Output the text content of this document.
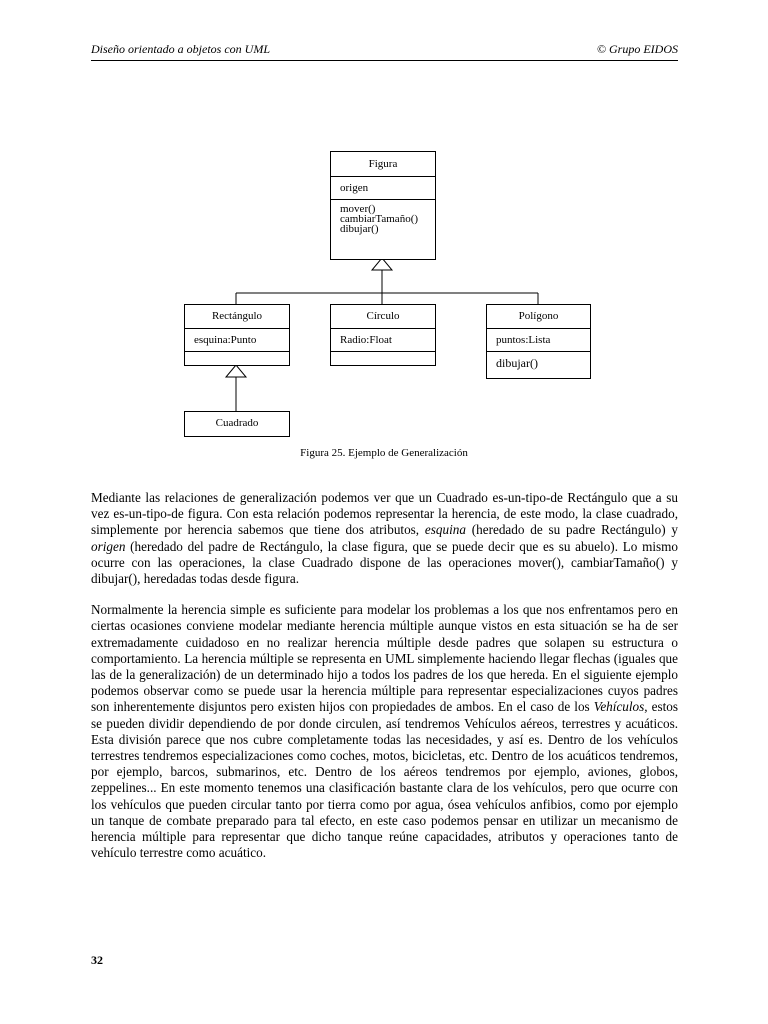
Diseño orientado a objetos con UML	© Grupo EIDOS
Figura
origen
mover()
cambiarTamaño()
dibujar()
Rectángulo
esquina:Punto
Círculo
Radio:Float
Polígono
puntos:Lista
dibujar()
Cuadrado
Figura 25. Ejemplo de Generalización

Mediante las relaciones de generalización podemos ver que un Cuadrado es-un-tipo-de Rectángulo que a su vez es-un-tipo-de figura. Con esta relación podemos representar la herencia, de este modo, la clase cuadrado, simplemente por herencia sabemos que tiene dos atributos, esquina (heredado de su padre Rectángulo) y origen (heredado del padre de Rectángulo, la clase figura, que se puede decir que es su abuelo). Lo mismo ocurre con las operaciones, la clase Cuadrado dispone de las operaciones mover(), cambiarTamaño() y dibujar(), heredadas todas desde figura.

Normalmente la herencia simple es suficiente para modelar los problemas a los que nos enfrentamos pero en ciertas ocasiones conviene modelar mediante herencia múltiple aunque vistos en esta situación se ha de ser extremadamente cuidadoso en no realizar herencia múltiple desde padres que solapen su estructura o comportamiento. La herencia múltiple se representa en UML simplemente haciendo llegar flechas (iguales que las de la generalización) de un determinado hijo a todos los padres de los que hereda. En el siguiente ejemplo podemos observar como se puede usar la herencia múltiple para representar especializaciones cuyos padres son inherentemente disjuntos pero existen hijos con propiedades de ambos. En el caso de los Vehículos, estos se pueden dividir dependiendo de por donde circulen, así tendremos Vehículos aéreos, terrestres y acuáticos. Esta división parece que nos cubre completamente todas las necesidades, y así es. Dentro de los vehículos terrestres tendremos especializaciones como coches, motos, bicicletas, etc. Dentro de los acuáticos tendremos, por ejemplo, barcos, submarinos, etc. Dentro de los aéreos tendremos por ejemplo, aviones, globos, zeppelines... En este momento tenemos una clasificación bastante clara de los vehículos, pero que ocurre con los vehículos que pueden circular tanto por tierra como por agua, ósea vehículos anfibios, como por ejemplo un tanque de combate preparado para tal efecto, en este caso podemos pensar en utilizar un mecanismo de herencia múltiple para representar que dicho tanque reúne capacidades, atributos y operaciones tanto de vehículo terrestre como acuático.

32
